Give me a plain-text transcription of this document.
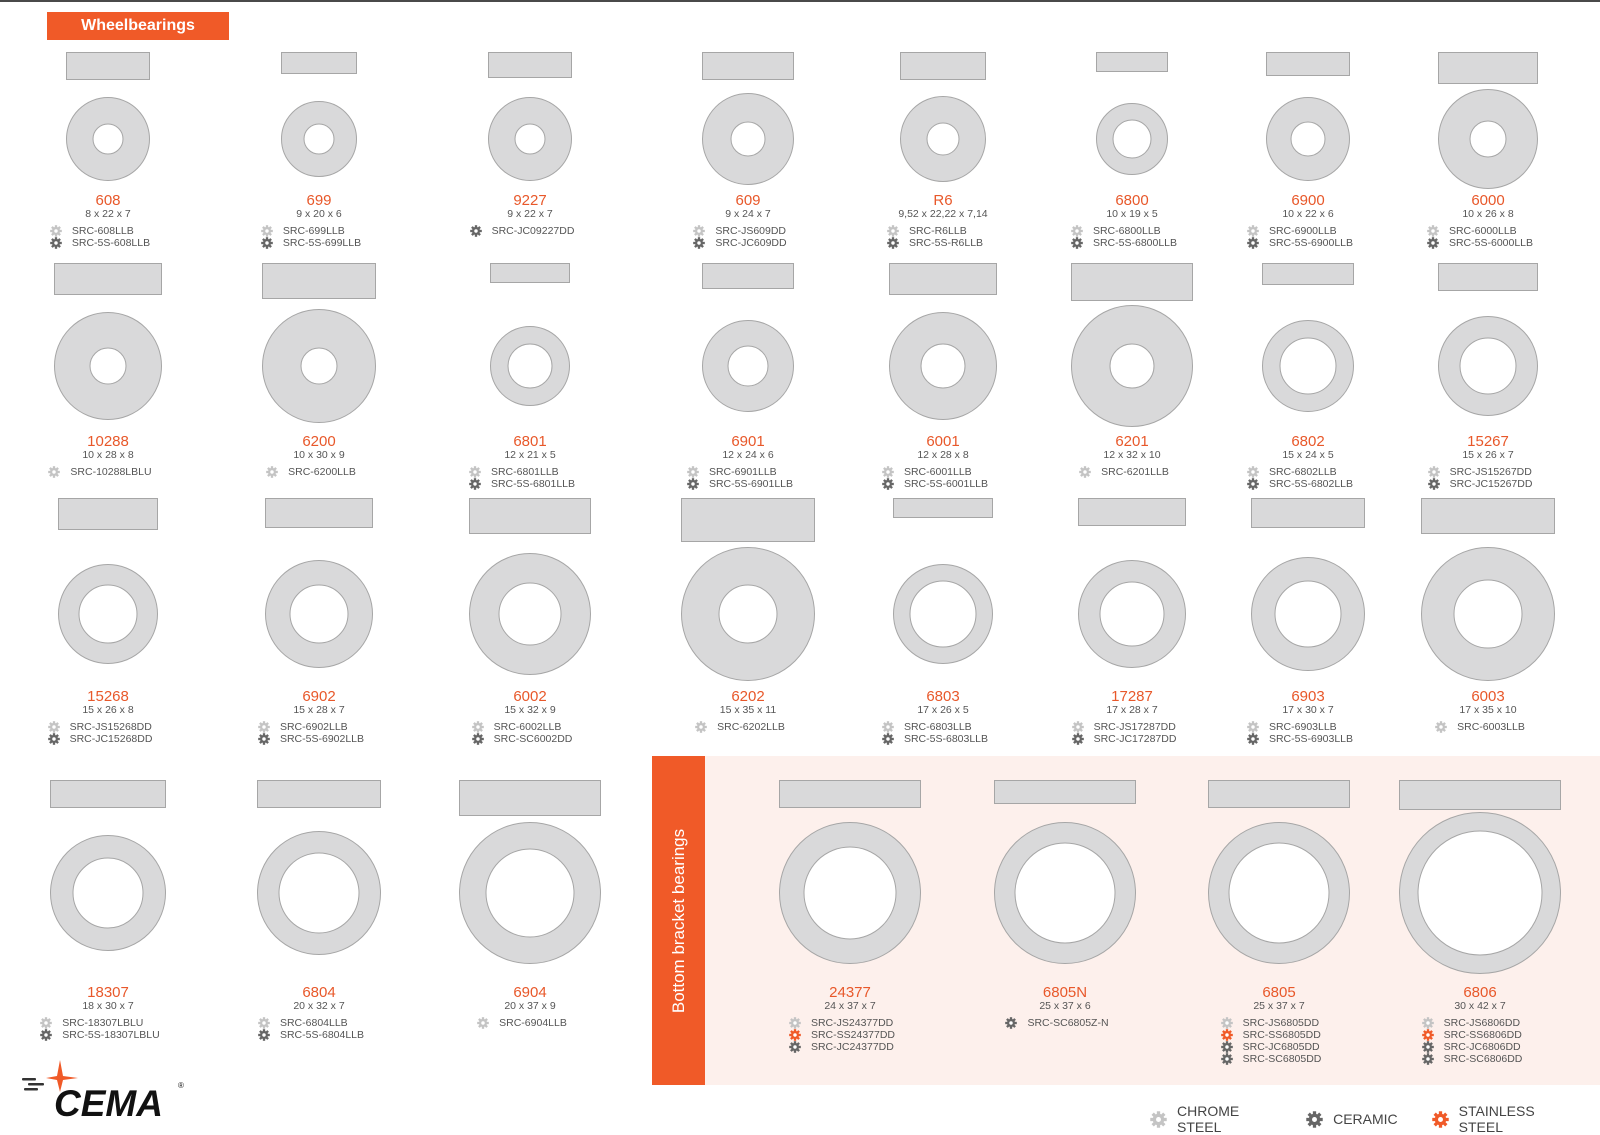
Wheelbearings
Bottom bracket bearings
608
8 x 22 x 7
SRC-608LLB
SRC-5S-608LLB
699
9 x 20 x 6
SRC-699LLB
SRC-5S-699LLB
9227
9 x 22 x 7
SRC-JC09227DD
609
9 x 24 x 7
SRC-JS609DD
SRC-JC609DD
R6
9,52 x 22,22 x 7,14
SRC-R6LLB
SRC-5S-R6LLB
6800
10 x 19 x 5
SRC-6800LLB
SRC-5S-6800LLB
6900
10 x 22 x 6
SRC-6900LLB
SRC-5S-6900LLB
6000
10 x 26 x 8
SRC-6000LLB
SRC-5S-6000LLB
10288
10 x 28 x 8
SRC-10288LBLU
6200
10 x 30 x 9
SRC-6200LLB
6801
12 x 21 x 5
SRC-6801LLB
SRC-5S-6801LLB
6901
12 x 24 x 6
SRC-6901LLB
SRC-5S-6901LLB
6001
12 x 28 x 8
SRC-6001LLB
SRC-5S-6001LLB
6201
12 x 32 x 10
SRC-6201LLB
6802
15 x 24 x 5
SRC-6802LLB
SRC-5S-6802LLB
15267
15 x 26 x 7
SRC-JS15267DD
SRC-JC15267DD
15268
15 x 26 x 8
SRC-JS15268DD
SRC-JC15268DD
6902
15 x 28 x 7
SRC-6902LLB
SRC-5S-6902LLB
6002
15 x 32 x 9
SRC-6002LLB
SRC-SC6002DD
6202
15 x 35 x 11
SRC-6202LLB
6803
17 x 26 x 5
SRC-6803LLB
SRC-5S-6803LLB
17287
17 x 28 x 7
SRC-JS17287DD
SRC-JC17287DD
6903
17 x 30 x 7
SRC-6903LLB
SRC-5S-6903LLB
6003
17 x 35 x 10
SRC-6003LLB
18307
18 x 30 x 7
SRC-18307LBLU
SRC-5S-18307LBLU
6804
20 x 32 x 7
SRC-6804LLB
SRC-5S-6804LLB
6904
20 x 37 x 9
SRC-6904LLB
24377
24 x 37 x 7
SRC-JS24377DD
SRC-SS24377DD
SRC-JC24377DD
6805N
25 x 37 x 6
SRC-SC6805Z-N
6805
25 x 37 x 7
SRC-JS6805DD
SRC-SS6805DD
SRC-JC6805DD
SRC-SC6805DD
6806
30 x 42 x 7
SRC-JS6806DD
SRC-SS6806DD
SRC-JC6806DD
SRC-SC6806DD
CEMA ®
CHROME STEEL	CERAMIC	STAINLESS STEEL
